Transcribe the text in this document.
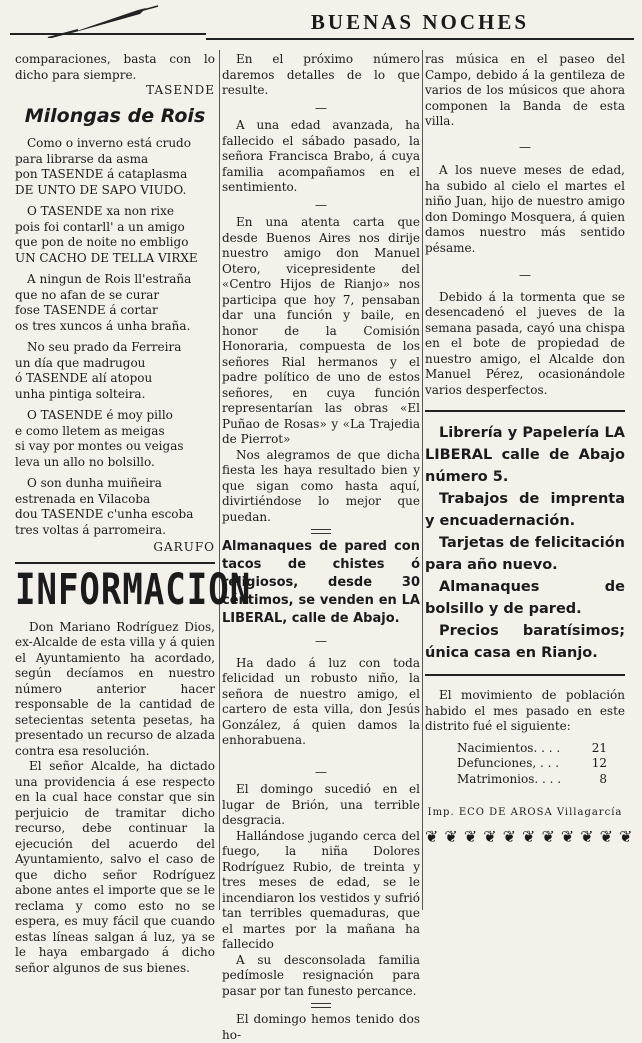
BUENAS NOCHES

comparaciones, basta con lo dicho para siempre.

TASENDE

Milongas de Rois
Como o inverno está crudo
para librarse da asma
pon TASENDE á cataplasma
DE UNTO DE SAPO VIUDO.
O TASENDE xa non rixe
pois foi contarll' a un amigo
que pon de noite no embligo
UN CACHO DE TELLA VIRXE
A ningun de Rois ll'estraña
que no afan de se curar
fose TASENDE á cortar
os tres xuncos á unha braña.
No seu prado da Ferreira
un día que madrugou
ó TASENDE alí atopou
unha pintiga solteira.
O TASENDE é moy pillo
e como lletem as meigas
si vay por montes ou veigas
leva un allo no bolsillo.
O son dunha muiñeira
estrenada en Vilacoba
dou TASENDE c'unha escoba
tres voltas á parromeira.

GARUFO

INFORMACION

Don Mariano Rodríguez Dios, ex-Alcalde de esta villa y á quien el Ayuntamiento ha acordado, según decíamos en nuestro número anterior hacer responsable de la cantidad de setecientas setenta pesetas, ha presentado un recurso de alzada contra esa resolución.

El señor Alcalde, ha dictado una providencia á ese respecto en la cual hace constar que sin perjuicio de tramitar dicho recurso, debe continuar la ejecución del acuerdo del Ayuntamiento, salvo el caso de que dicho señor Rodríguez abone antes el importe que se le reclama y como esto no se espera, es muy fácil que cuando estas líneas salgan á luz, ya se le haya embargado á dicho señor algunos de sus bienes.

En el próximo número daremos detalles de lo que resulte.

—

A una edad avanzada, ha fallecido el sábado pasado, la señora Francisca Brabo, á cuya familia acompañamos en el sentimiento.

—

En una atenta carta que desde Buenos Aires nos dirije nuestro amigo don Manuel Otero, vicepresidente del «Centro Hijos de Rianjo» nos participa que hoy 7, pensaban dar una función y baile, en honor de la Comisión Honoraria, compuesta de los señores Rial hermanos y el padre político de uno de estos señores, en cuya función representarían las obras «El Puñao de Rosas» y «La Trajedia de Pierrot»

Nos alegramos de que dicha fiesta les haya resultado bien y que sigan como hasta aquí, divirtiéndose lo mejor que puedan.

Almanaques de pared con tacos de chistes ó religiosos, desde 30 céntimos, se venden en LA LIBERAL, calle de Abajo.
—

Ha dado á luz con toda felicidad un robusto niño, la señora de nuestro amigo, el cartero de esta villa, don Jesús González, á quien damos la enhorabuena.

—

El domingo sucedió en el lugar de Brión, una terrible desgracia.

Hallándose jugando cerca del fuego, la niña Dolores Rodríguez Rubio, de treinta y tres meses de edad, se le incendiaron los vestidos y sufrió tan terribles quemaduras, que el martes por la mañana ha fallecido

A su desconsolada familia pedímosle resignación para pasar por tan funesto percance.

El domingo hemos tenido dos ho-

ras música en el paseo del Campo, debido á la gentileza de varios de los músicos que ahora componen la Banda de esta villa.

—

A los nueve meses de edad, ha subido al cielo el martes el niño Juan, hijo de nuestro amigo don Domingo Mosquera, á quien damos nuestro más sentido pésame.

—

Debido á la tormenta que se desencadenó el jueves de la semana pasada, cayó una chispa en el bote de propiedad de nuestro amigo, el Alcalde don Manuel Pérez, ocasionándole varios desperfectos.

Librería y Papelería LA LIBERAL calle de Abajo número 5.

Trabajos de imprenta y encuadernación.

Tarjetas de felicitación para año nuevo.

Almanaques de bolsillo y de pared.

Precios baratísimos; única casa en Rianjo.

El movimiento de población habido el mes pasado en este distrito fué el siguiente:

Nacimientos. . . .	21
Defunciones, . . .	12
Matrimonios. . . .	8
Imp. ECO DE AROSA Villagarcía
❦❦❦❦❦❦❦❦❦❦❦
